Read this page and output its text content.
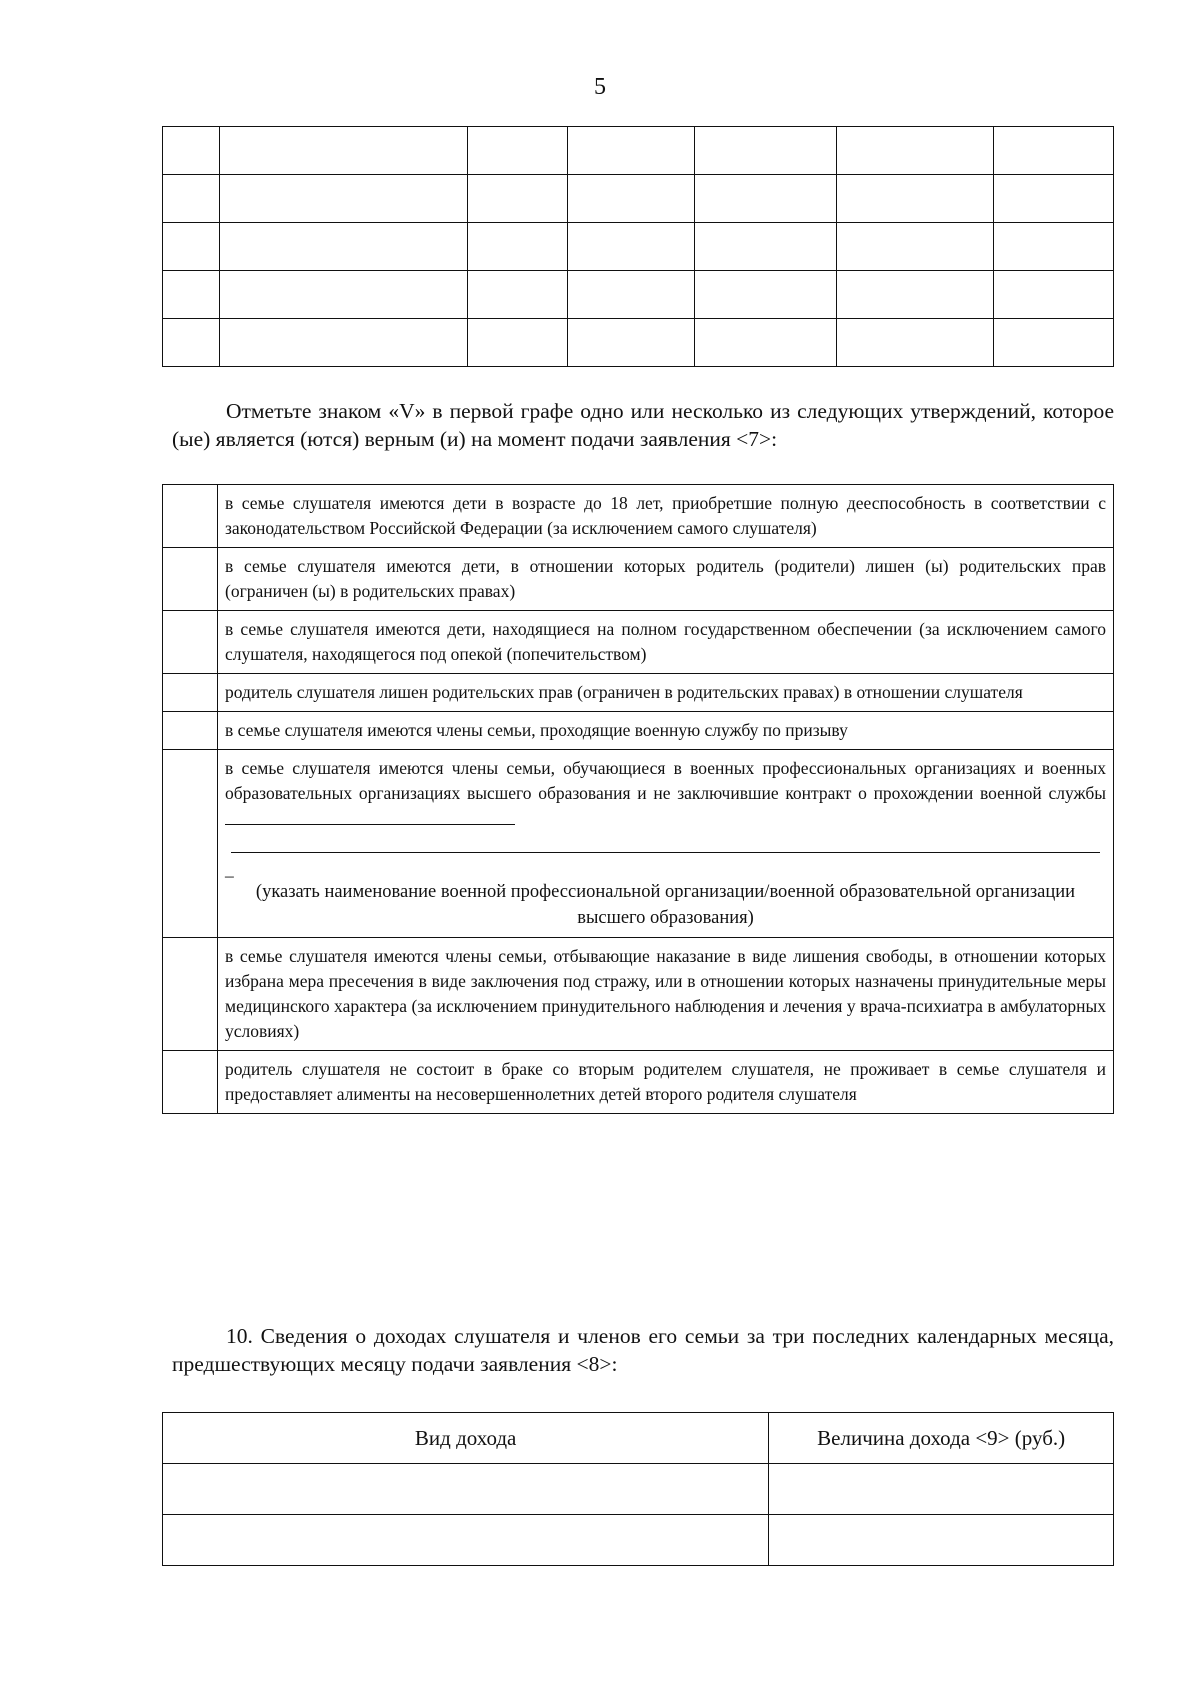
5

Отметьте знаком «V» в первой графе одно или несколько из следующих утверждений, которое (ые) является (ются) верным (и) на момент подачи заявления <7>:
	в семье слушателя имеются дети в возрасте до 18 лет, приобретшие полную дееспособность в соответствии с законодательством Российской Федерации (за исключением самого слушателя)
	в семье слушателя имеются дети, в отношении которых родитель (родители) лишен (ы) родительских прав (ограничен (ы) в родительских правах)
	в семье слушателя имеются дети, находящиеся на полном государственном обеспечении (за исключением самого слушателя, находящегося под опекой (попечительством)
	родитель слушателя лишен родительских прав (ограничен в родительских правах) в отношении слушателя
	в семье слушателя имеются члены семьи, проходящие военную службу по призыву
	в семье слушателя имеются члены семьи, обучающиеся в военных профессиональных организациях и военных образовательных организациях высшего образования и не заключившие контракт о прохождении военной службы
_
(указать наименование военной профессиональной организации/военной образовательной организации высшего образования)

	в семье слушателя имеются члены семьи, отбывающие наказание в виде лишения свободы, в отношении которых избрана мера пресечения в виде заключения под стражу, или в отношении которых назначены принудительные меры медицинского характера (за исключением принудительного наблюдения и лечения у врача-психиатра в амбулаторных условиях)
	родитель слушателя не состоит в браке со вторым родителем слушателя, не проживает в семье слушателя и предоставляет алименты на несовершеннолетних детей второго родителя слушателя
10. Сведения о доходах слушателя и членов его семьи за три последних календарных месяца, предшествующих месяцу подачи заявления <8>:
Вид дохода	Величина дохода <9> (руб.)
